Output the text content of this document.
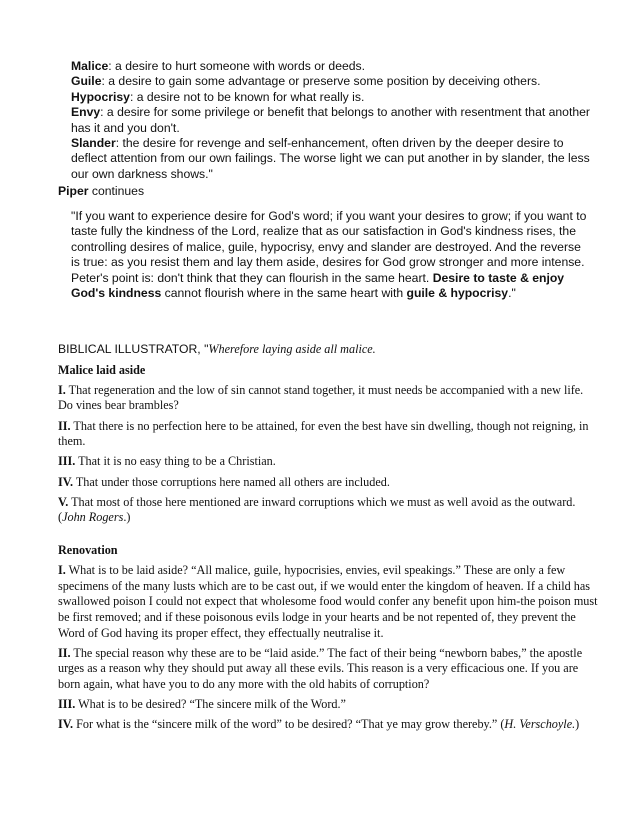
Malice: a desire to hurt someone with words or deeds.

Guile: a desire to gain some advantage or preserve some position by deceiving others.

Hypocrisy: a desire not to be known for what really is.

Envy: a desire for some privilege or benefit that belongs to another with resentment that another has it and you don't.

Slander: the desire for revenge and self-enhancement, often driven by the deeper desire to deflect attention from our own failings. The worse light we can put another in by slander, the less our own darkness shows."

Piper continues
"If you want to experience desire for God's word; if you want your desires to grow; if you want to taste fully the kindness of the Lord, realize that as our satisfaction in God's kindness rises, the controlling desires of malice, guile, hypocrisy, envy and slander are destroyed. And the reverse is true: as you resist them and lay them aside, desires for God grow stronger and more intense. Peter's point is: don't think that they can flourish in the same heart. Desire to taste & enjoy God's kindness cannot flourish where in the same heart with guile & hypocrisy."
BIBLICAL ILLUSTRATOR, "Wherefore laying aside all malice.

Malice laid aside

I. That regeneration and the low of sin cannot stand together, it must needs be accompanied with a new life. Do vines bear brambles?

II. That there is no perfection here to be attained, for even the best have sin dwelling, though not reigning, in them.

III. That it is no easy thing to be a Christian.

IV. That under those corruptions here named all others are included.

V. That most of those here mentioned are inward corruptions which we must as well avoid as the outward. (John Rogers.)

Renovation

I. What is to be laid aside? “All malice, guile, hypocrisies, envies, evil speakings.” These are only a few specimens of the many lusts which are to be cast out, if we would enter the kingdom of heaven. If a child has swallowed poison I could not expect that wholesome food would confer any benefit upon him-the poison must be first removed; and if these poisonous evils lodge in your hearts and be not repented of, they prevent the Word of God having its proper effect, they effectually neutralise it.

II. The special reason why these are to be “laid aside.” The fact of their being “newborn babes,” the apostle urges as a reason why they should put away all these evils. This reason is a very efficacious one. If you are born again, what have you to do any more with the old habits of corruption?

III. What is to be desired? “The sincere milk of the Word.”

IV. For what is the “sincere milk of the word” to be desired? “That ye may grow thereby.” (H. Verschoyle.)
